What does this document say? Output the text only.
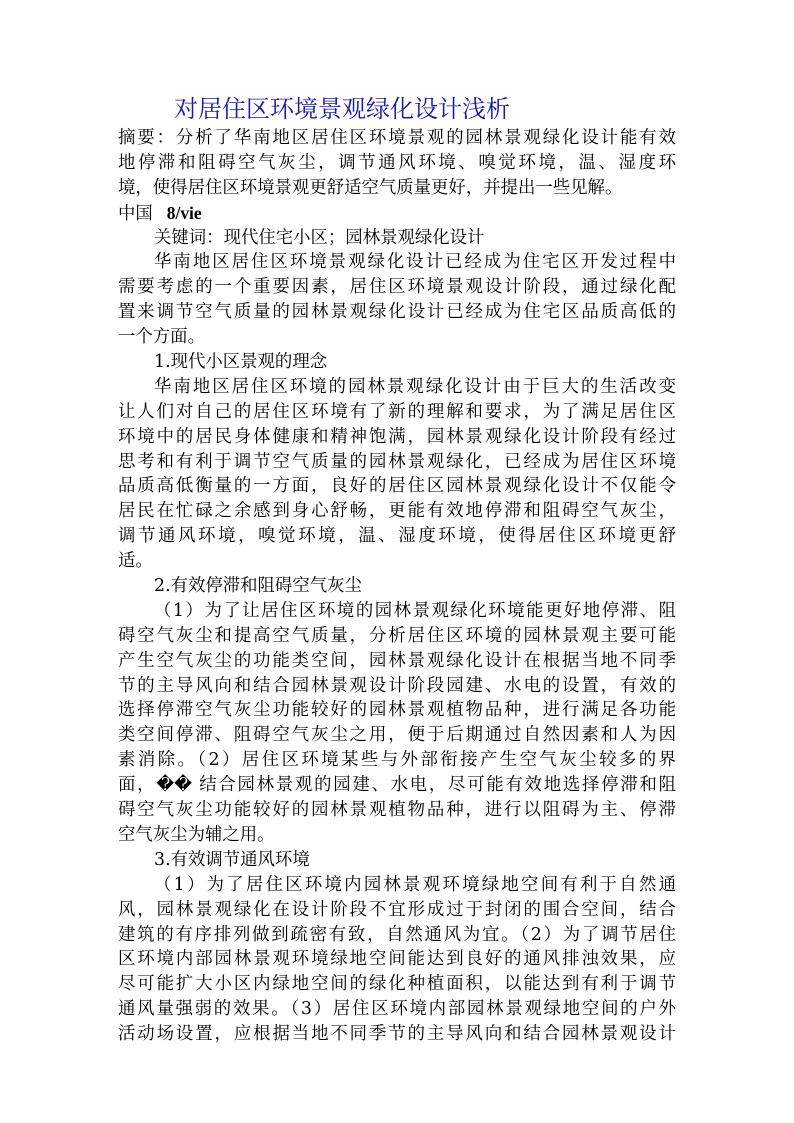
对居住区环境景观绿化设计浅析
摘要：分析了华南地区居住区环境景观的园林景观绿化设计能有效
地停滞和阻碍空气灰尘，调节通风环境、嗅觉环境，温、湿度环
境，使得居住区环境景观更舒适空气质量更好，并提出一些见解。
中国 8/vie
关键词：现代住宅小区；园林景观绿化设计
华南地区居住区环境景观绿化设计已经成为住宅区开发过程中
需要考虑的一个重要因素，居住区环境景观设计阶段，通过绿化配
置来调节空气质量的园林景观绿化设计已经成为住宅区品质高低的
一个方面。
1.现代小区景观的理念
华南地区居住区环境的园林景观绿化设计由于巨大的生活改变
让人们对自己的居住区环境有了新的理解和要求，为了满足居住区
环境中的居民身体健康和精神饱满，园林景观绿化设计阶段有经过
思考和有利于调节空气质量的园林景观绿化，已经成为居住区环境
品质高低衡量的一方面，良好的居住区园林景观绿化设计不仅能令
居民在忙碌之余感到身心舒畅，更能有效地停滞和阻碍空气灰尘，
调节通风环境，嗅觉环境，温、湿度环境，使得居住区环境更舒
适。
2.有效停滞和阻碍空气灰尘
（1）为了让居住区环境的园林景观绿化环境能更好地停滞、阻
碍空气灰尘和提高空气质量，分析居住区环境的园林景观主要可能
产生空气灰尘的功能类空间，园林景观绿化设计在根据当地不同季
节的主导风向和结合园林景观设计阶段园建、水电的设置，有效的
选择停滞空气灰尘功能较好的园林景观植物品种，进行满足各功能
类空间停滞、阻碍空气灰尘之用，便于后期通过自然因素和人为因
素消除。（2）居住区环境某些与外部衔接产生空气灰尘较多的界
面，�� 结合园林景观的园建、水电，尽可能有效地选择停滞和阻
碍空气灰尘功能较好的园林景观植物品种，进行以阻碍为主、停滞
空气灰尘为辅之用。
3.有效调节通风环境
（1）为了居住区环境内园林景观环境绿地空间有利于自然通
风，园林景观绿化在设计阶段不宜形成过于封闭的围合空间，结合
建筑的有序排列做到疏密有致，自然通风为宜。（2）为了调节居住
区环境内部园林景观环境绿地空间能达到良好的通风排浊效果，应
尽可能扩大小区内绿地空间的绿化种植面积，以能达到有利于调节
通风量强弱的效果。（3）居住区环境内部园林景观绿地空间的户外
活动场设置，应根据当地不同季节的主导风向和结合园林景观设计
